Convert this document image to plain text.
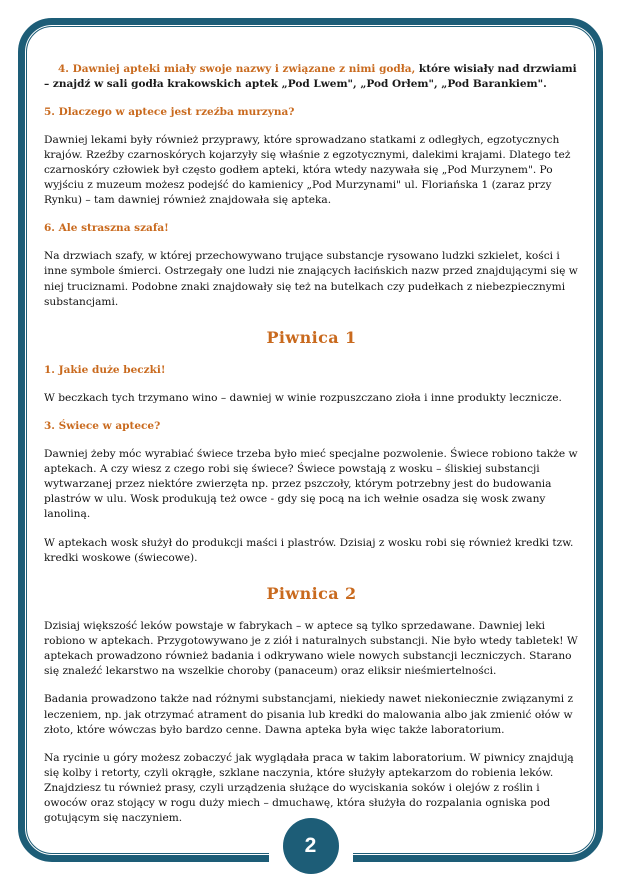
4. Dawniej apteki miały swoje nazwy i związane z nimi godła, które wisiały nad drzwiami – znajdź w sali godła krakowskich aptek „Pod Lwem", „Pod Orłem", „Pod Barankiem".

5. Dlaczego w aptece jest rzeźba murzyna?

Dawniej lekami były również przyprawy, które sprowadzano statkami z odległych, egzotycznych krajów. Rzeźby czarnoskórych kojarzyły się właśnie z egzotycznymi, dalekimi krajami. Dlatego też czarnoskóry człowiek był często godłem apteki, która wtedy nazywała się „Pod Murzynem". Po wyjściu z muzeum możesz podejść do kamienicy „Pod Murzynami" ul. Floriańska 1 (zaraz przy Rynku) – tam dawniej również znajdowała się apteka.

6. Ale straszna szafa!

Na drzwiach szafy, w której przechowywano trujące substancje rysowano ludzki szkielet, kości i inne symbole śmierci. Ostrzegały one ludzi nie znających łacińskich nazw przed znajdującymi się w niej truciznami. Podobne znaki znajdowały się też na butelkach czy pudełkach z niebezpiecznymi substancjami.

Piwnica 1

1. Jakie duże beczki!

W beczkach tych trzymano wino – dawniej w winie rozpuszczano zioła i inne produkty lecznicze.

3. Świece w aptece?

Dawniej żeby móc wyrabiać świece trzeba było mieć specjalne pozwolenie. Świece robiono także w aptekach. A czy wiesz z czego robi się świece? Świece powstają z wosku – śliskiej substancji wytwarzanej przez niektóre zwierzęta np. przez pszczoły, którym potrzebny jest do budowania plastrów w ulu. Wosk produkują też owce - gdy się pocą na ich wełnie osadza się wosk zwany lanoliną.

W aptekach wosk służył do produkcji maści i plastrów. Dzisiaj z wosku robi się również kredki tzw. kredki woskowe (świecowe).

Piwnica 2

Dzisiaj większość leków powstaje w fabrykach – w aptece są tylko sprzedawane. Dawniej leki robiono w aptekach. Przygotowywano je z ziół i naturalnych substancji. Nie było wtedy tabletek! W aptekach prowadzono również badania i odkrywano wiele nowych substancji leczniczych. Starano się znaleźć lekarstwo na wszelkie choroby (panaceum) oraz eliksir nieśmiertelności.

Badania prowadzono także nad różnymi substancjami, niekiedy nawet niekoniecznie związanymi z leczeniem, np. jak otrzymać atrament do pisania lub kredki do malowania albo jak zmienić ołów w złoto, które wówczas było bardzo cenne. Dawna apteka była więc także laboratorium.

Na rycinie u góry możesz zobaczyć jak wyglądała praca w takim laboratorium. W piwnicy znajdują się kolby i retorty, czyli okrągłe, szklane naczynia, które służyły aptekarzom do robienia leków. Znajdziesz tu również prasy, czyli urządzenia służące do wyciskania soków i olejów z roślin i owoców oraz stojący w rogu duży miech – dmuchawę, która służyła do rozpalania ogniska pod gotującym się naczyniem.

2
